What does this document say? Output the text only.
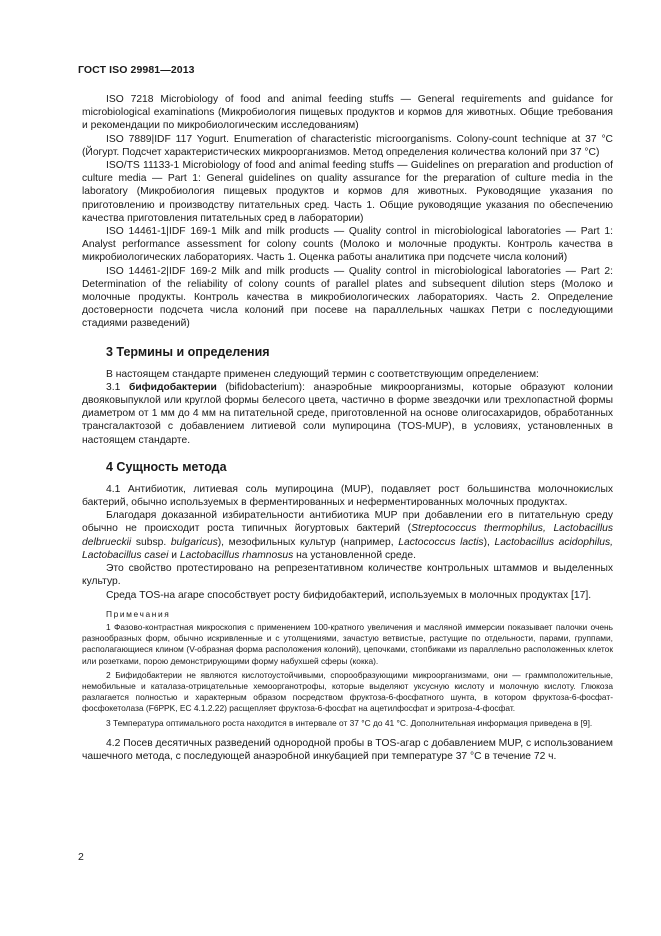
ГОСТ ISO 29981—2013

ISO 7218 Microbiology of food and animal feeding stuffs — General requirements and guidance for microbiological examinations (Микробиология пищевых продуктов и кормов для животных. Общие требования и рекомендации по микробиологическим исследованиям)

ISO 7889|IDF 117 Yogurt. Enumeration of characteristic microorganisms. Colony-count technique at 37 °C (Йогурт. Подсчет характеристических микроорганизмов. Метод определения количества колоний при 37 °C)

ISO/TS 11133-1 Microbiology of food and animal feeding stuffs — Guidelines on preparation and production of culture media — Part 1: General guidelines on quality assurance for the preparation of culture media in the laboratory (Микробиология пищевых продуктов и кормов для животных. Руководящие указания по приготовлению и производству питательных сред. Часть 1. Общие руководящие указания по обеспечению качества приготовления питательных сред в лаборатории)

ISO 14461-1|IDF 169-1 Milk and milk products — Quality control in microbiological laboratories — Part 1: Analyst performance assessment for colony counts (Молоко и молочные продукты. Контроль качества в микробиологических лабораториях. Часть 1. Оценка работы аналитика при подсчете числа колоний)

ISO 14461-2|IDF 169-2 Milk and milk products — Quality control in microbiological laboratories — Part 2: Determination of the reliability of colony counts of parallel plates and subsequent dilution steps (Молоко и молочные продукты. Контроль качества в микробиологических лабораториях. Часть 2. Определение достоверности подсчета числа колоний при посеве на параллельных чашках Петри с последующими стадиями разведений)

3 Термины и определения

В настоящем стандарте применен следующий термин с соответствующим определением:

3.1 бифидобактерии (bifidobacterium): анаэробные микроорганизмы, которые образуют колонии двояковыпуклой или круглой формы белесого цвета, частично в форме звездочки или трехлопастной формы диаметром от 1 мм до 4 мм на питательной среде, приготовленной на основе олигосахаридов, обработанных трансгалактозой с добавлением литиевой соли мупироцина (TOS-MUP), в условиях, установленных в настоящем стандарте.

4 Сущность метода

4.1 Антибиотик, литиевая соль мупироцина (MUP), подавляет рост большинства молочнокислых бактерий, обычно используемых в ферментированных и неферментированных молочных продуктах.

Благодаря доказанной избирательности антибиотика MUP при добавлении его в питательную среду обычно не происходит роста типичных йогуртовых бактерий (Streptococcus thermophilus, Lactobacillus delbrueckii subsp. bulgaricus), мезофильных культур (например, Lactococcus lactis), Lactobacillus acidophilus, Lactobacillus casei и Lactobacillus rhamnosus на установленной среде.

Это свойство протестировано на репрезентативном количестве контрольных штаммов и выделенных культур.

Среда TOS-на агаре способствует росту бифидобактерий, используемых в молочных продуктах [17].

Примечания

1 Фазово-контрастная микроскопия с применением 100-кратного увеличения и масляной иммерсии показывает палочки очень разнообразных форм, обычно искривленные и с утолщениями, зачастую ветвистые, растущие по отдельности, парами, группами, располагающиеся клином (V-образная форма расположения колоний), цепочками, стопбиками из параллельно расположенных клеток или розетками, порою демонстрирующими форму набухшей сферы (кокка).

2 Бифидобактерии не являются кислотоустойчивыми, спорообразующими микроорганизмами, они — граммположительные, немобильные и каталаза-отрицательные хемоорганотрофы, которые выделяют уксусную кислоту и молочную кислоту. Глюкоза разлагается полностью и характерным образом посредством фруктоза-6-фосфатного шунта, в котором фруктоза-6-фосфат-фосфокетолаза (F6PPK, EC 4.1.2.22) расщепляет фруктоза-6-фосфат на ацетилфосфат и эритроза-4-фосфат.

3 Температура оптимального роста находится в интервале от 37 °C до 41 °C. Дополнительная информация приведена в [9].

4.2 Посев десятичных разведений однородной пробы в TOS-агар с добавлением MUP, с использованием чашечного метода, с последующей анаэробной инкубацией при температуре 37 °C в течение 72 ч.

2
